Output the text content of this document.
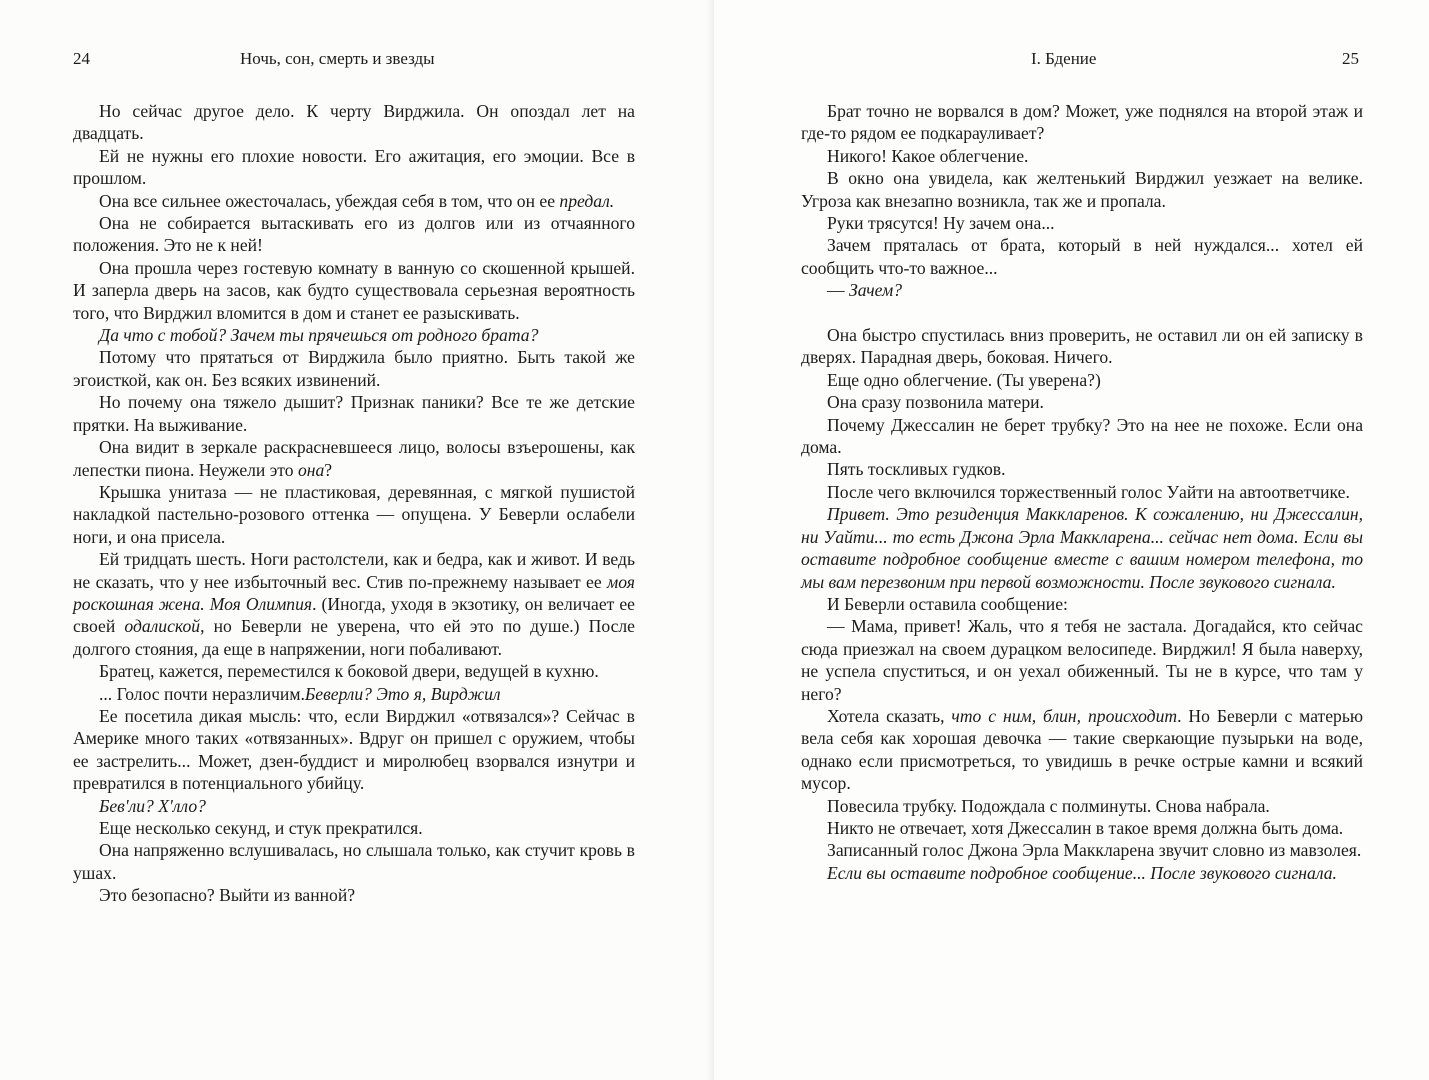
24	Ночь, сон, смерть и звезды

Но сейчас другое дело. К черту Вирджила. Он опоздал лет на двадцать.

Ей не нужны его плохие новости. Его ажитация, его эмоции. Все в прошлом.

Она все сильнее ожесточалась, убеждая себя в том, что он ее предал.

Она не собирается вытаскивать его из долгов или из отчаянного положения. Это не к ней!

Она прошла через гостевую комнату в ванную со скошенной крышей. И заперла дверь на засов, как будто существовала серьезная вероятность того, что Вирджил вломится в дом и станет ее разыскивать.

Да что с тобой? Зачем ты прячешься от родного брата?

Потому что прятаться от Вирджила было приятно. Быть такой же эгоисткой, как он. Без всяких извинений.

Но почему она тяжело дышит? Признак паники? Все те же детские прятки. На выживание.

Она видит в зеркале раскрасневшееся лицо, волосы взъерошены, как лепестки пиона. Неужели это она?

Крышка унитаза — не пластиковая, деревянная, с мягкой пушистой накладкой пастельно-розового оттенка — опущена. У Беверли ослабели ноги, и она присела.

Ей тридцать шесть. Ноги растолстели, как и бедра, как и живот. И ведь не сказать, что у нее избыточный вес. Стив по-прежнему называет ее моя роскошная жена. Моя Олимпия. (Иногда, уходя в экзотику, он величает ее своей одалиской, но Беверли не уверена, что ей это по душе.) После долгого стояния, да еще в напряжении, ноги побаливают.

Братец, кажется, переместился к боковой двери, ведущей в кухню.

... Голос почти неразличим.Беверли? Это я, Вирджил

Ее посетила дикая мысль: что, если Вирджил «отвязался»? Сейчас в Америке много таких «отвязанных». Вдруг он пришел с оружием, чтобы ее застрелить... Может, дзен-буддист и миролюбец взорвался изнутри и превратился в потенциального убийцу.

Бев'ли? Х'лло?

Еще несколько секунд, и стук прекратился.

Она напряженно вслушивалась, но слышала только, как стучит кровь в ушах.

Это безопасно? Выйти из ванной?

I. Бдение	25

Брат точно не ворвался в дом? Может, уже поднялся на второй этаж и где-то рядом ее подкарауливает?

Никого! Какое облегчение.

В окно она увидела, как желтенький Вирджил уезжает на велике. Угроза как внезапно возникла, так же и пропала.

Руки трясутся! Ну зачем она...

Зачем пряталась от брата, который в ней нуждался... хотел ей сообщить что-то важное...

— Зачем?

Она быстро спустилась вниз проверить, не оставил ли он ей записку в дверях. Парадная дверь, боковая. Ничего.

Еще одно облегчение. (Ты уверена?)

Она сразу позвонила матери.

Почему Джессалин не берет трубку? Это на нее не похоже. Если она дома.

Пять тоскливых гудков.

После чего включился торжественный голос Уайти на автоответчике.

Привет. Это резиденция Маккларенов. К сожалению, ни Джессалин, ни Уайти... то есть Джона Эрла Маккларена... сейчас нет дома. Если вы оставите подробное сообщение вместе с вашим номером телефона, то мы вам перезвоним при первой возможности. После звукового сигнала.

И Беверли оставила сообщение:

— Мама, привет! Жаль, что я тебя не застала. Догадайся, кто сейчас сюда приезжал на своем дурацком велосипеде. Вирджил! Я была наверху, не успела спуститься, и он уехал обиженный. Ты не в курсе, что там у него?

Хотела сказать, что с ним, блин, происходит. Но Беверли с матерью вела себя как хорошая девочка — такие сверкающие пузырьки на воде, однако если присмотреться, то увидишь в речке острые камни и всякий мусор.

Повесила трубку. Подождала с полминуты. Снова набрала.

Никто не отвечает, хотя Джессалин в такое время должна быть дома.

Записанный голос Джона Эрла Маккларена звучит словно из мавзолея.

Если вы оставите подробное сообщение... После звукового сигнала.
